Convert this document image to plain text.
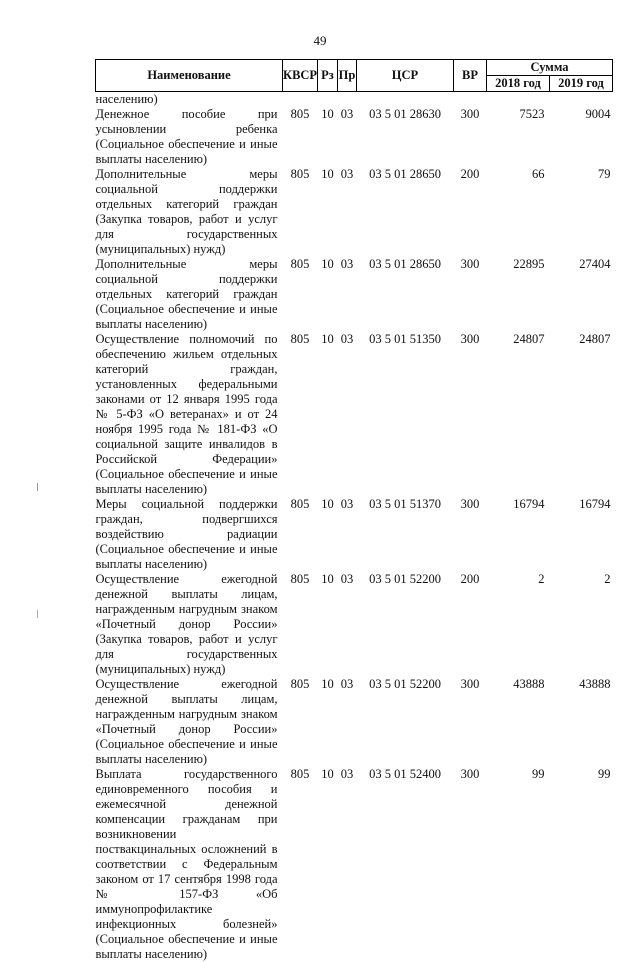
49
Наименование	КВСР	Рз	Пр	ЦСР	ВР	Сумма	
						2018 год	2019 год
населению)							
Денежное пособие при усыновлении ребенка (Социальное обеспечение и иные выплаты населению)	805	10	03	03 5 01 28630	300	7523	9004
Дополнительные меры социальной поддержки отдельных категорий граждан (Закупка товаров, работ и услуг для государственных (муниципальных) нужд)	805	10	03	03 5 01 28650	200	66	79
Дополнительные меры социальной поддержки отдельных категорий граждан (Социальное обеспечение и иные выплаты населению)	805	10	03	03 5 01 28650	300	22895	27404
Осуществление полномочий по обеспечению жильем отдельных категорий граждан, установленных федеральными законами от 12 января 1995 года № 5-ФЗ «О ветеранах» и от 24 ноября 1995 года № 181-ФЗ «О социальной защите инвалидов в Российской Федерации» (Социальное обеспечение и иные выплаты населению)	805	10	03	03 5 01 51350	300	24807	24807
Меры социальной поддержки граждан, подвергшихся воздействию радиации (Социальное обеспечение и иные выплаты населению)	805	10	03	03 5 01 51370	300	16794	16794
Осуществление ежегодной денежной выплаты лицам, награжденным нагрудным знаком «Почетный донор России» (Закупка товаров, работ и услуг для государственных (муниципальных) нужд)	805	10	03	03 5 01 52200	200	2	2
Осуществление ежегодной денежной выплаты лицам, награжденным нагрудным знаком «Почетный донор России» (Социальное обеспечение и иные выплаты населению)	805	10	03	03 5 01 52200	300	43888	43888
Выплата государственного единовременного пособия и ежемесячной денежной компенсации гражданам при возникновении поствакцинальных осложнений в соответствии с Федеральным законом от 17 сентября 1998 года № 157-ФЗ «Об иммунопрофилактике инфекционных болезней» (Социальное обеспечение и иные выплаты населению)	805	10	03	03 5 01 52400	300	99	99
